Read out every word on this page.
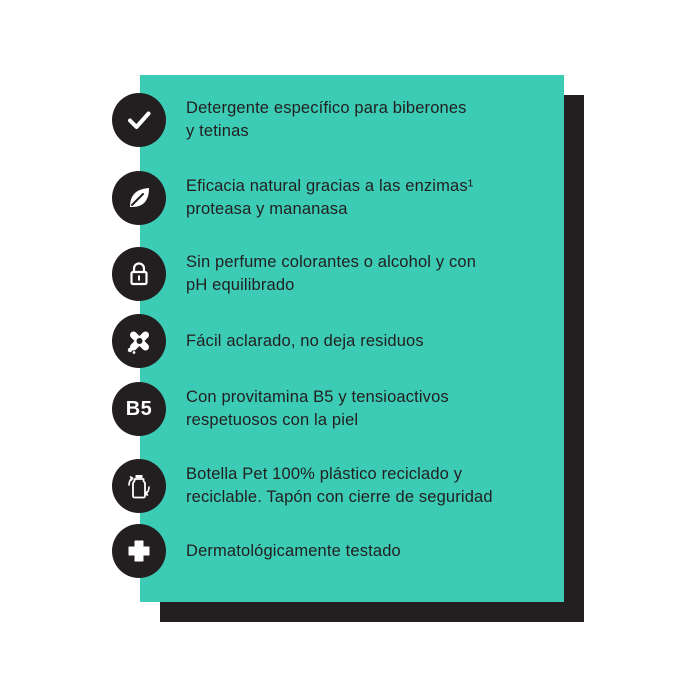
Detergente específico para biberones
y tetinas
Eficacia natural gracias a las enzimas¹
proteasa y mananasa
Sin perfume colorantes o alcohol y con
pH equilibrado
Fácil aclarado, no deja residuos
B5
Con provitamina B5 y tensioactivos
respetuosos con la piel
Botella Pet 100% plástico reciclado y
reciclable. Tapón con cierre de seguridad
Dermatológicamente testado
